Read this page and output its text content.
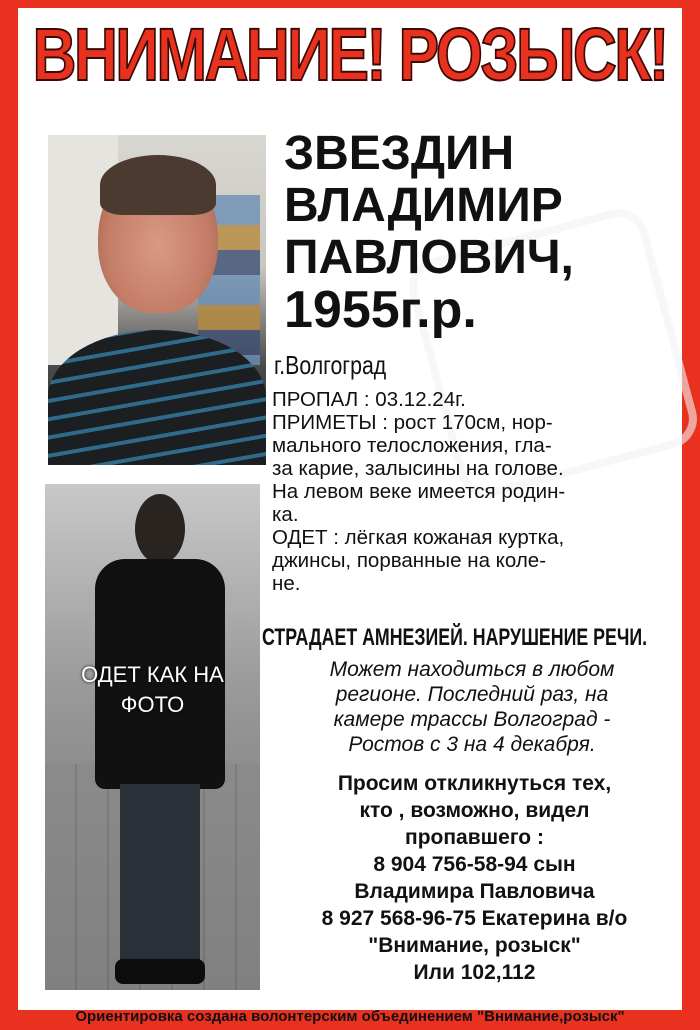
ВНИМАНИЕ! РОЗЫСК!
ОДЕТ КАК НА
ФОТО
ЗВЕЗДИН
ВЛАДИМИР
ПАВЛОВИЧ,
1955г.р.
г.Волгоград
ПРОПАЛ : 03.12.24г.
ПРИМЕТЫ : рост 170см, нор-
мального телосложения, гла-
за карие, залысины на голове.
На левом веке имеется родин-
ка.
ОДЕТ : лёгкая кожаная куртка,
джинсы, порванные на коле-
не.
СТРАДАЕТ АМНЕЗИЕЙ. НАРУШЕНИЕ РЕЧИ.
Может находиться в любом
регионе. Последний раз, на
камере трассы Волгоград -
Ростов с 3 на 4 декабря.
Просим откликнуться тех,
кто , возможно, видел
пропавшего :
8 904 756-58-94 сын
Владимира Павловича
8 927 568-96-75 Екатерина в/о
"Внимание, розыск"
Или 102,112
Ориентировка создана волонтерским объединением "Внимание,розыск"
